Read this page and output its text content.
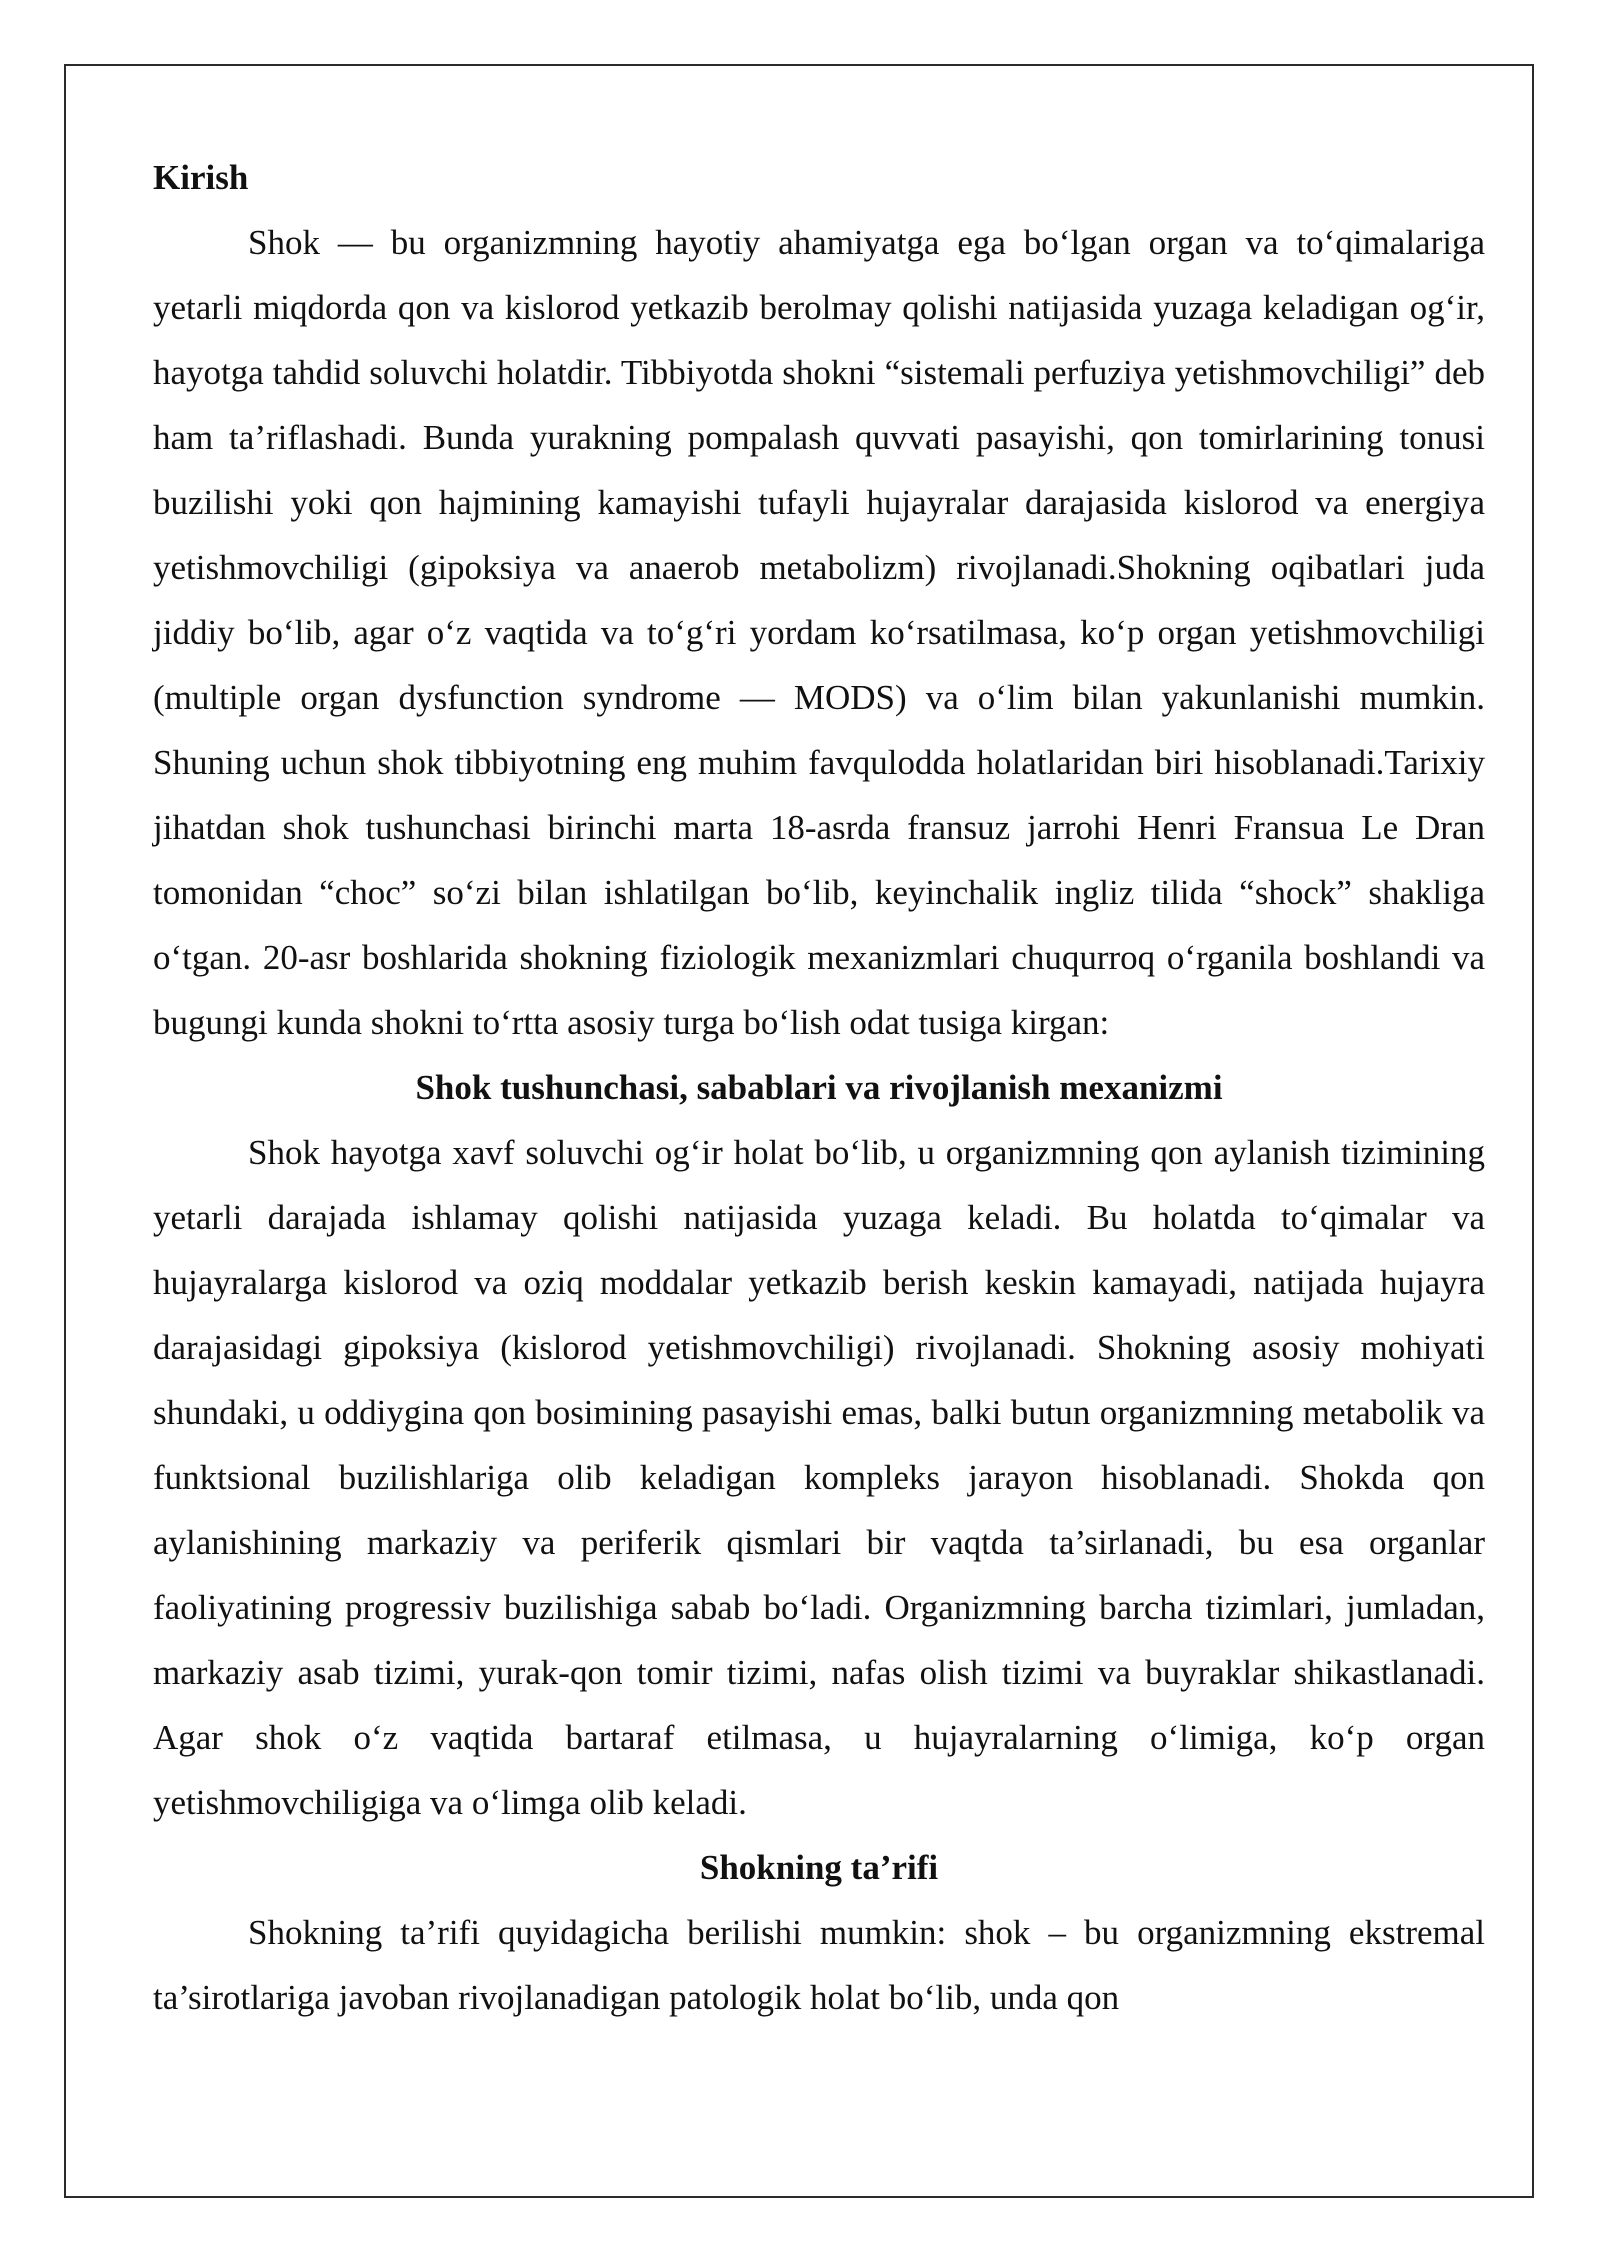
Kirish

Shok — bu organizmning hayotiy ahamiyatga ega bo‘lgan organ va to‘qimalariga yetarli miqdorda qon va kislorod yetkazib berolmay qolishi natijasida yuzaga keladigan og‘ir, hayotga tahdid soluvchi holatdir. Tibbiyotda shokni “sistemali perfuziya yetishmovchiligi” deb ham ta’riflashadi. Bunda yurakning pompalash quvvati pasayishi, qon tomirlarining tonusi buzilishi yoki qon hajmining kamayishi tufayli hujayralar darajasida kislorod va energiya yetishmovchiligi (gipoksiya va anaerob metabolizm) rivojlanadi.Shokning oqibatlari juda jiddiy bo‘lib, agar o‘z vaqtida va to‘g‘ri yordam ko‘rsatilmasa, ko‘p organ yetishmovchiligi (multiple organ dysfunction syndrome — MODS) va o‘lim bilan yakunlanishi mumkin. Shuning uchun shok tibbiyotning eng muhim favqulodda holatlaridan biri hisoblanadi.Tarixiy jihatdan shok tushunchasi birinchi marta 18-asrda fransuz jarrohi Henri Fransua Le Dran tomonidan “choc” so‘zi bilan ishlatilgan bo‘lib, keyinchalik ingliz tilida “shock” shakliga o‘tgan. 20-asr boshlarida shokning fiziologik mexanizmlari chuqurroq o‘rganila boshlandi va bugungi kunda shokni to‘rtta asosiy turga bo‘lish odat tusiga kirgan:

Shok tushunchasi, sabablari va rivojlanish mexanizmi

Shok hayotga xavf soluvchi og‘ir holat bo‘lib, u organizmning qon aylanish tizimining yetarli darajada ishlamay qolishi natijasida yuzaga keladi. Bu holatda to‘qimalar va hujayralarga kislorod va oziq moddalar yetkazib berish keskin kamayadi, natijada hujayra darajasidagi gipoksiya (kislorod yetishmovchiligi) rivojlanadi. Shokning asosiy mohiyati shundaki, u oddiygina qon bosimining pasayishi emas, balki butun organizmning metabolik va funktsional buzilishlariga olib keladigan kompleks jarayon hisoblanadi. Shokda qon aylanishining markaziy va periferik qismlari bir vaqtda ta’sirlanadi, bu esa organlar faoliyatining progressiv buzilishiga sabab bo‘ladi. Organizmning barcha tizimlari, jumladan, markaziy asab tizimi, yurak-qon tomir tizimi, nafas olish tizimi va buyraklar shikastlanadi. Agar shok o‘z vaqtida bartaraf etilmasa, u hujayralarning o‘limiga, ko‘p organ yetishmovchiligiga va o‘limga olib keladi.

Shokning ta’rifi

Shokning ta’rifi quyidagicha berilishi mumkin: shok – bu organizmning ekstremal ta’sirotlariga javoban rivojlanadigan patologik holat bo‘lib, unda qon
